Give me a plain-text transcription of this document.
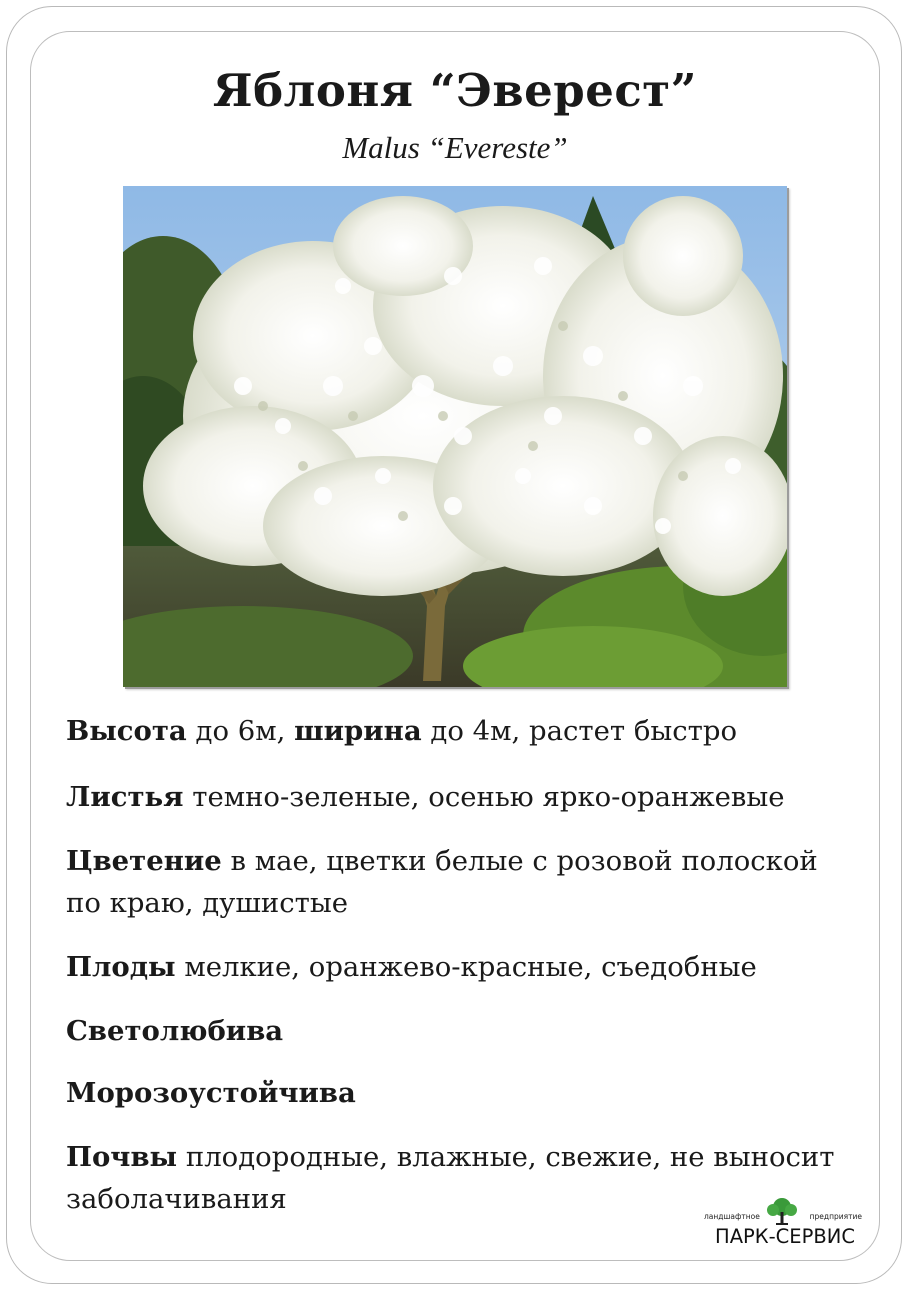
Яблоня “Эверест”
Malus “Evereste”
Высота до 6м, ширина до 4м, растет быстро
Листья темно-зеленые, осенью ярко-оранжевые
Цветение в мае, цветки белые с розовой полоской
по краю, душистые
Плоды мелкие, оранжево-красные, съедобные
Светолюбива
Морозоустойчива
Почвы плодородные, влажные, свежие, не выносит
заболачивания
ландшафтное	предприятие
ПАРК-СЕРВИС
